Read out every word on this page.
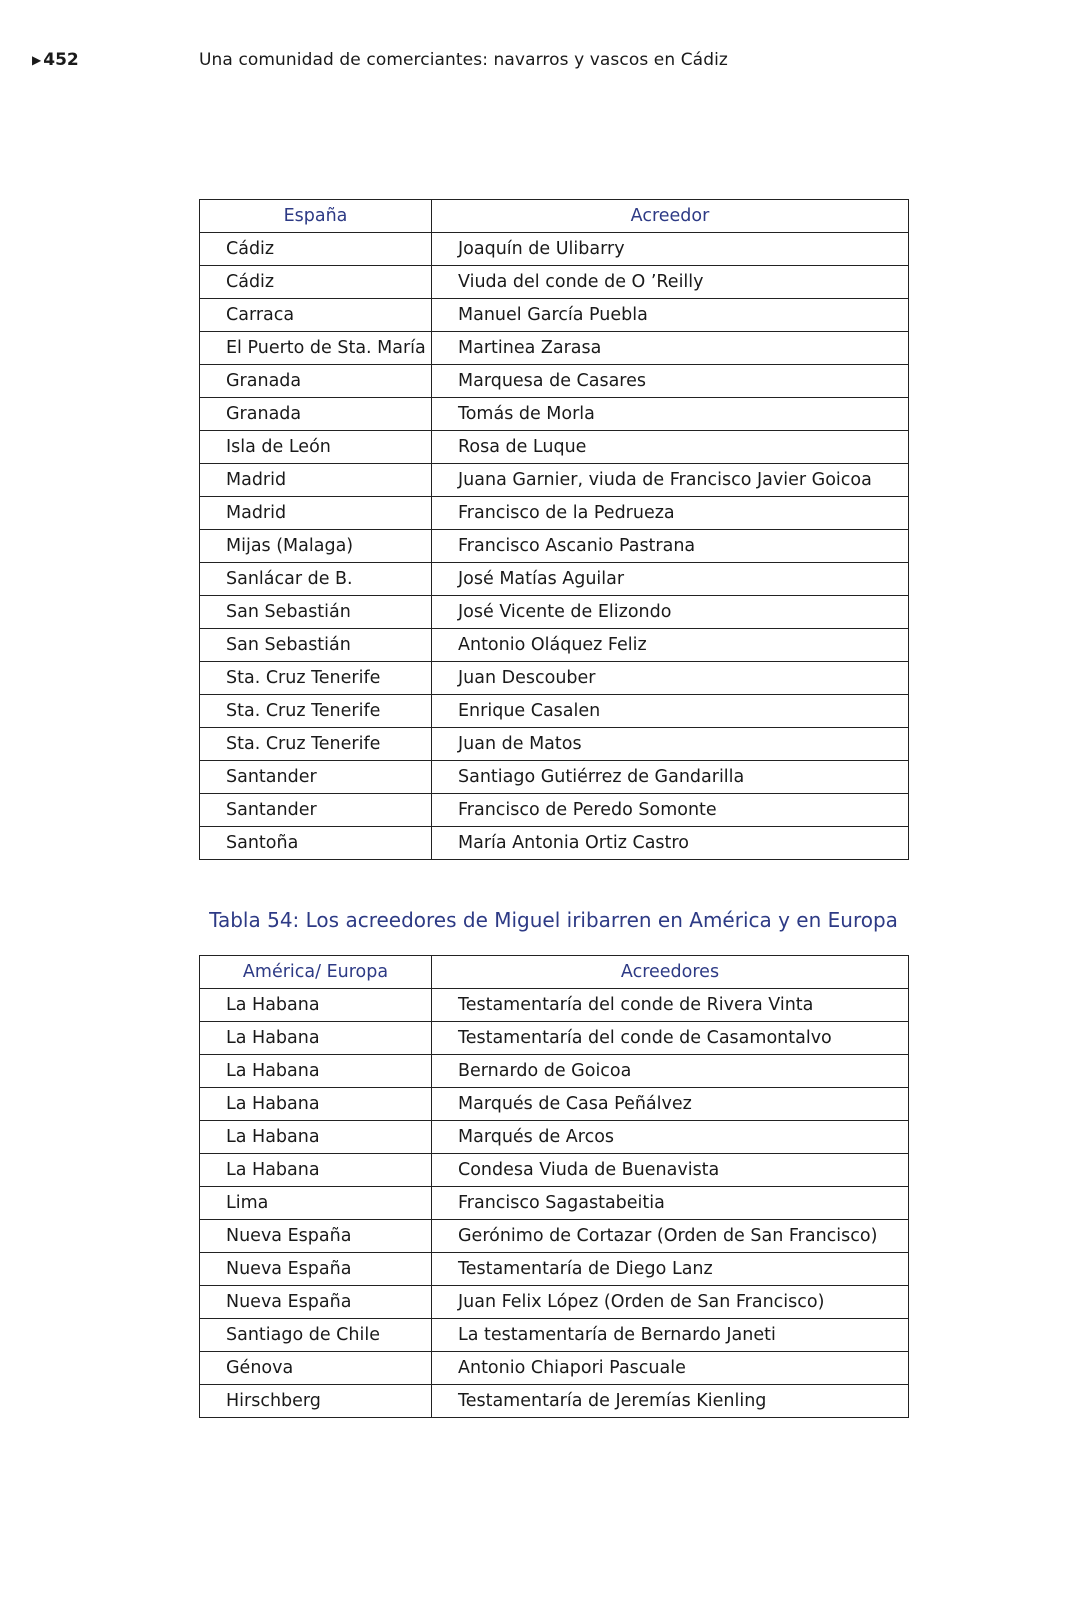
▶ 452	Una comunidad de comerciantes: navarros y vascos en Cádiz
España	Acreedor
Cádiz	Joaquín de Ulibarry
Cádiz	Viuda del conde de O ’Reilly
Carraca	Manuel García Puebla
El Puerto de Sta. María	Martinea Zarasa
Granada	Marquesa de Casares
Granada	Tomás de Morla
Isla de León	Rosa de Luque
Madrid	Juana Garnier, viuda de Francisco Javier Goicoa
Madrid	Francisco de la Pedrueza
Mijas (Malaga)	Francisco Ascanio Pastrana
Sanlácar de B.	José Matías Aguilar
San Sebastián	José Vicente de Elizondo
San Sebastián	Antonio Oláquez Feliz
Sta. Cruz Tenerife	Juan Descouber
Sta. Cruz Tenerife	Enrique Casalen
Sta. Cruz Tenerife	Juan de Matos
Santander	Santiago Gutiérrez de Gandarilla
Santander	Francisco de Peredo Somonte
Santoña	María Antonia Ortiz Castro
Tabla 54: Los acreedores de Miguel iribarren en América y en Europa
América/ Europa	Acreedores
La Habana	Testamentaría del conde de Rivera Vinta
La Habana	Testamentaría del conde de Casamontalvo
La Habana	Bernardo de Goicoa
La Habana	Marqués de Casa Peñálvez
La Habana	Marqués de Arcos
La Habana	Condesa Viuda de Buenavista
Lima	Francisco Sagastabeitia
Nueva España	Gerónimo de Cortazar (Orden de San Francisco)
Nueva España	Testamentaría de Diego Lanz
Nueva España	Juan Felix López (Orden de San Francisco)
Santiago de Chile	La testamentaría de Bernardo Janeti
Génova	Antonio Chiapori Pascuale
Hirschberg	Testamentaría de Jeremías Kienling
